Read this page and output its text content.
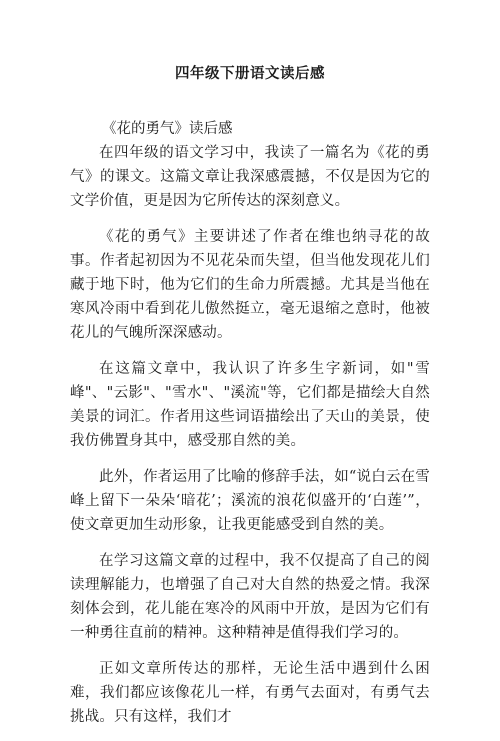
四年级下册语文读后感

《花的勇气》读后感

在四年级的语文学习中，我读了一篇名为《花的勇气》的课文。这篇文章让我深感震撼，不仅是因为它的文学价值，更是因为它所传达的深刻意义。

《花的勇气》主要讲述了作者在维也纳寻花的故事。作者起初因为不见花朵而失望，但当他发现花儿们藏于地下时，他为它们的生命力所震撼。尤其是当他在寒风冷雨中看到花儿傲然挺立，毫无退缩之意时，他被花儿的气魄所深深感动。

在这篇文章中，我认识了许多生字新词，如"雪峰"、"云影"、"雪水"、"溪流"等，它们都是描绘大自然美景的词汇。作者用这些词语描绘出了天山的美景，使我仿佛置身其中，感受那自然的美。

此外，作者运用了比喻的修辞手法，如“说白云在雪峰上留下一朵朵‘暗花’；溪流的浪花似盛开的‘白莲’”，使文章更加生动形象，让我更能感受到自然的美。

在学习这篇文章的过程中，我不仅提高了自己的阅读理解能力，也增强了自己对大自然的热爱之情。我深刻体会到，花儿能在寒冷的风雨中开放，是因为它们有一种勇往直前的精神。这种精神是值得我们学习的。

正如文章所传达的那样，无论生活中遇到什么困难，我们都应该像花儿一样，有勇气去面对，有勇气去挑战。只有这样，我们才
